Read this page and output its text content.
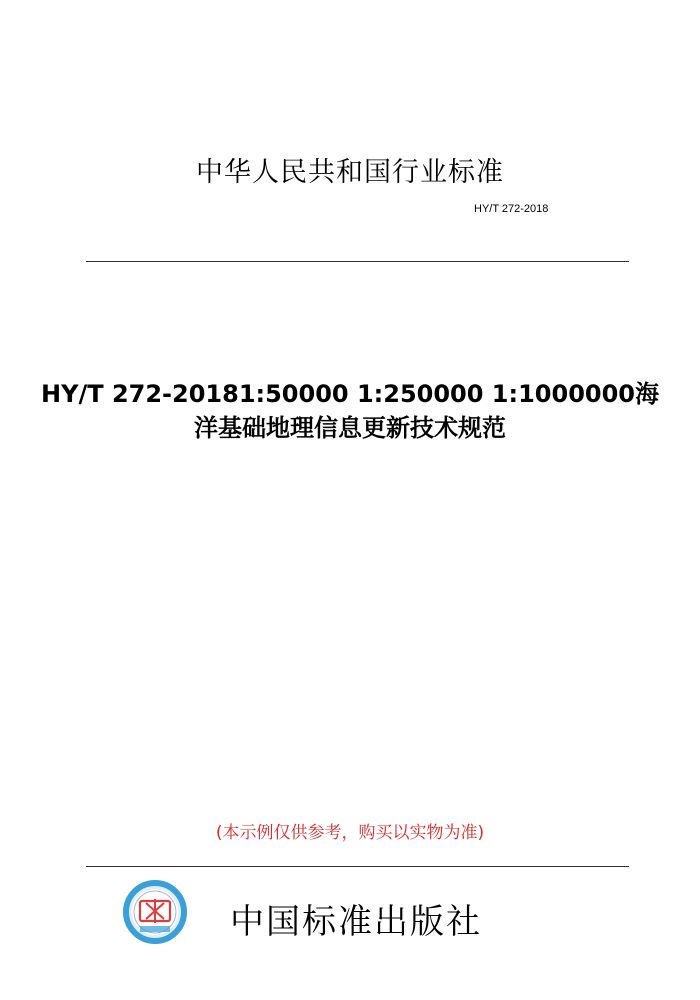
中华人民共和国行业标准
HY/T 272-2018
HY/T 272-20181:50000 1:250000 1:1000000海
洋基础地理信息更新技术规范
(本示例仅供参考，购买以实物为准)
中国标准出版社
